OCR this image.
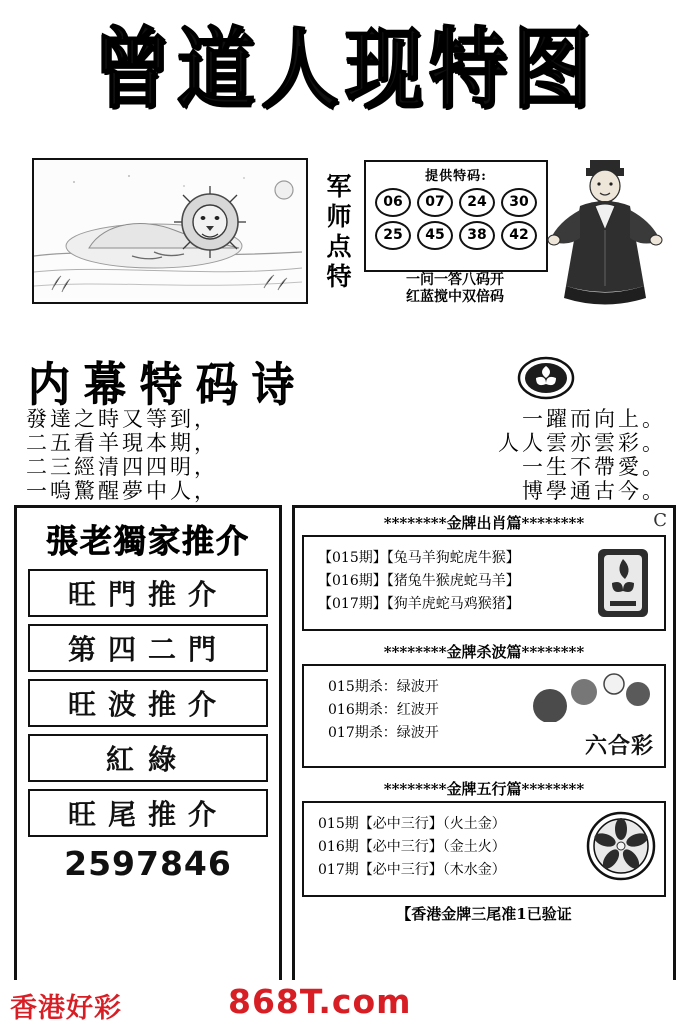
曾道人现特图
军师点特
提供特码:
06	07	24	30
25	45	38	42
一问一答八码开
红蓝搅中双倍码
内幕特码诗
發達之時又等到，	一躍而向上。
二五看羊現本期，	人人雲亦雲彩。
二三經清四四明，	一生不帶愛。
一嗚驚醒夢中人，	博學通古今。
張老獨家推介
旺門推介
第四二門
旺波推介
紅綠
旺尾推介
2597846
C
********金牌出肖篇********
【015期】【兔马羊狗蛇虎牛猴】
【016期】【猪兔牛猴虎蛇马羊】
【017期】【狗羊虎蛇马鸡猴猪】
********金牌杀波篇********
015期杀：绿波开
016期杀：红波开
017期杀：绿波开	六合彩
********金牌五行篇********
015期【必中三行】（火土金）
016期【必中三行】（金土火）
017期【必中三行】（木水金）
【香港金牌三尾准1已验证
香港好彩	868T.com
